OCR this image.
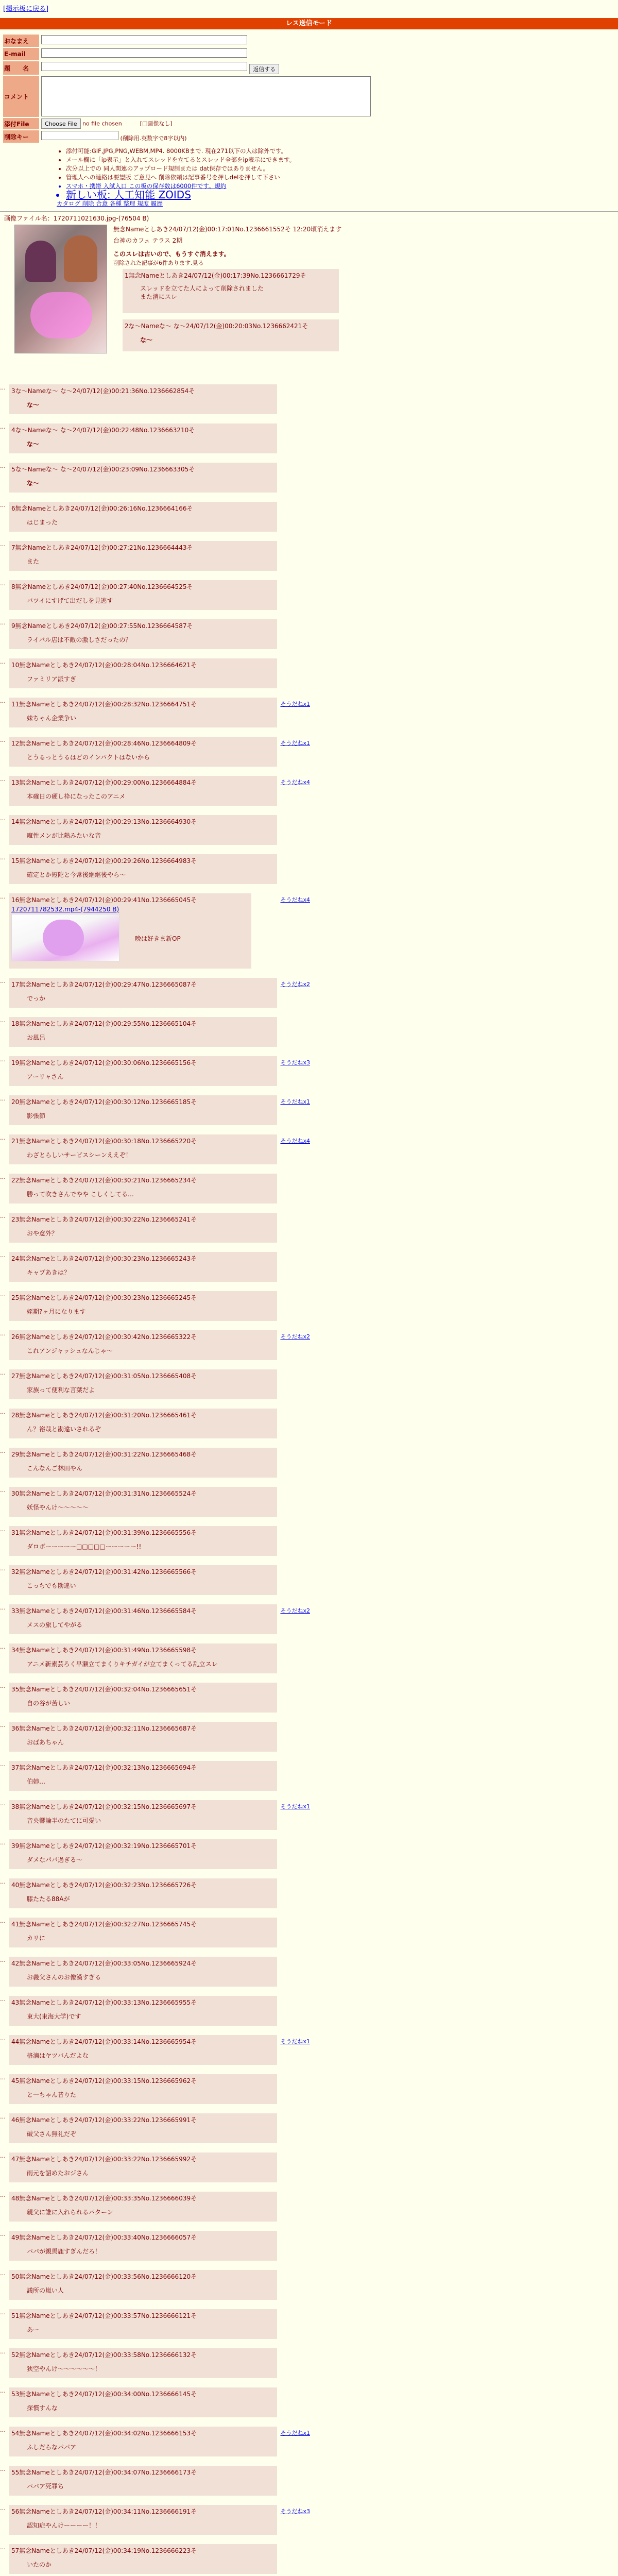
[掲示板に戻る]
レス送信モード
おなまえ	
E-mail	
題　　名	返信する
コメント	

添付File	Choose File no file chosen [□画像なし]
削除キー	(削除用.英数字で8字以内)
• 添付可能:GIF,JPG,PNG,WEBM,MP4. 8000KBまで. 現在271以下の人は除外です。
• メール欄に「ip表示」と入れてスレッドを立てるとスレッド全部をip表示にできます。
• 次分以上での 同人関連のアップロード規制または dat保存ではありません。
• 管理人への連絡は要望版 ご意見へ 削除依頼は記事番号を押しdelを押して下さい
• スマホ・携帯 入試入口 この板の保存数は6000件です。規約
• 新しい板: 人工知能 ZOIDS
カタログ 削除 合意 各種 整理 規度 履歴
画像ファイル名：1720711021630.jpg-(76504 B)
無念Nameとしあき24/07/12(金)00:17:01No.1236661552そ 12:20頃消えます
台神のカフェ テラス 2期
このスレは古いので、もうすぐ消えます。
削除された記事が6件あります.見る
1無念Nameとしあき24/07/12(金)00:17:39No.1236661729そ
スレッドを立てた人によって削除されました
また消にスレ
2な～Nameな～ な～24/07/12(金)00:20:03No.1236662421そ
な～
… 3な～Nameな～ な～24/07/12(金)00:21:36No.1236662854そ
な～
… 4な～Nameな～ な～24/07/12(金)00:22:48No.1236663210そ
な～
… 5な～Nameな～ な～24/07/12(金)00:23:09No.1236663305そ
な～
… 6無念Nameとしあき24/07/12(金)00:26:16No.1236664166そ
はじまった
… 7無念Nameとしあき24/07/12(金)00:27:21No.1236664443そ
また
… 8無念Nameとしあき24/07/12(金)00:27:40No.1236664525そ
バツイにすげて出だしを見逃す
… 9無念Nameとしあき24/07/12(金)00:27:55No.1236664587そ
ライバル店は不敵の激しさだったの？
… 10無念Nameとしあき24/07/12(金)00:28:04No.1236664621そ
ファミリア派すぎ
そうだねx1
… 11無念Nameとしあき24/07/12(金)00:28:32No.1236664751そ
妹ちゃん企業争い
そうだねx1
… 12無念Nameとしあき24/07/12(金)00:28:46No.1236664809そ
とうるっとうるはどのインパクトはないから
そうだねx4
… 13無念Nameとしあき24/07/12(金)00:29:00No.1236664884そ
本確日の硬し枠になったこのアニメ
… 14無念Nameとしあき24/07/12(金)00:29:13No.1236664930そ
魔性メンが比熱みたいな音
… 15無念Nameとしあき24/07/12(金)00:29:26No.1236664983そ
確定とか短陀と今常後継継後やら～
そうだねx4
… 16無念Nameとしあき24/07/12(金)00:29:41No.1236665045そ
1720711782532.mp4-(7944250 B)
晩は好きま新OP
そうだねx2
… 17無念Nameとしあき24/07/12(金)00:29:47No.1236665087そ
でっか
… 18無念Nameとしあき24/07/12(金)00:29:55No.1236665104そ
お風呂
そうだねx3
… 19無念Nameとしあき24/07/12(金)00:30:06No.1236665156そ
アーリャさん
そうだねx1
… 20無念Nameとしあき24/07/12(金)00:30:12No.1236665185そ
影張節
そうだねx4
… 21無念Nameとしあき24/07/12(金)00:30:18No.1236665220そ
わざとらしいサービスシーンええぞ！
… 22無念Nameとしあき24/07/12(金)00:30:21No.1236665234そ
勝って吹きさんでやや こしくしてる…
… 23無念Nameとしあき24/07/12(金)00:30:22No.1236665241そ
おや意外？
… 24無念Nameとしあき24/07/12(金)00:30:23No.1236665243そ
キャプあきは？
… 25無念Nameとしあき24/07/12(金)00:30:23No.1236665245そ
姪期?ヶ月になります
そうだねx2
… 26無念Nameとしあき24/07/12(金)00:30:42No.1236665322そ
これアンジャッシュなんじゃ～
… 27無念Nameとしあき24/07/12(金)00:31:05No.1236665408そ
家族って便利な言葉だよ
… 28無念Nameとしあき24/07/12(金)00:31:20No.1236665461そ
ん？裕哉と勘違いされるぞ
… 29無念Nameとしあき24/07/12(金)00:31:22No.1236665468そ
こんなんご林田やん
… 30無念Nameとしあき24/07/12(金)00:31:31No.1236665524そ
妖怪やんけ～～～～～
… 31無念Nameとしあき24/07/12(金)00:31:39No.1236665556そ
ダロボーーーーー□□□□□ーーーーー!!
… 32無念Nameとしあき24/07/12(金)00:31:42No.1236665566そ
こっちでも勘違い
そうだねx2
… 33無念Nameとしあき24/07/12(金)00:31:46No.1236665584そ
メスの旅してやがる
… 34無念Nameとしあき24/07/12(金)00:31:49No.1236665598そ
アニメ新素芸ろく早瀬立てまくりキチガイが立てまくってる乱立スレ
… 35無念Nameとしあき24/07/12(金)00:32:04No.1236665651そ
自の谷が苦しい
… 36無念Nameとしあき24/07/12(金)00:32:11No.1236665687そ
おばあちゃん
… 37無念Nameとしあき24/07/12(金)00:32:13No.1236665694そ
伯姉…
そうだねx1
… 38無念Nameとしあき24/07/12(金)00:32:15No.1236665697そ
音央響論半のたてに可愛い
… 39無念Nameとしあき24/07/12(金)00:32:19No.1236665701そ
ダメなパパ過ぎる～
… 40無念Nameとしあき24/07/12(金)00:32:23No.1236665726そ
膝たたる88Aが
… 41無念Nameとしあき24/07/12(金)00:32:27No.1236665745そ
カリに
… 42無念Nameとしあき24/07/12(金)00:33:05No.1236665924そ
お義父さんのお像漢すぎる
… 43無念Nameとしあき24/07/12(金)00:33:13No.1236665955そ
東大(東海大学)です
そうだねx1
… 44無念Nameとしあき24/07/12(金)00:33:14No.1236665954そ
格滴はヤツバんだよな
… 45無念Nameとしあき24/07/12(金)00:33:15No.1236665962そ
と一ちゃん昔りた
… 46無念Nameとしあき24/07/12(金)00:33:22No.1236665991そ
破父さん無礼だぞ
… 47無念Nameとしあき24/07/12(金)00:33:22No.1236665992そ
雨元を詔めたおジさん
… 48無念Nameとしあき24/07/12(金)00:33:35No.1236666039そ
親父に誰に入れられるパターン
… 49無念Nameとしあき24/07/12(金)00:33:40No.1236666057そ
パパが親馬鹿すぎんだろ！
… 50無念Nameとしあき24/07/12(金)00:33:56No.1236666120そ
議所の嵐い人
… 51無念Nameとしあき24/07/12(金)00:33:57No.1236666121そ
あー
… 52無念Nameとしあき24/07/12(金)00:33:58No.1236666132そ
狭空やんけ～～～～～～！
… 53無念Nameとしあき24/07/12(金)00:34:00No.1236666145そ
探慣すんな
そうだねx1
… 54無念Nameとしあき24/07/12(金)00:34:02No.1236666153そ
ふしだらなパパア
… 55無念Nameとしあき24/07/12(金)00:34:07No.1236666173そ
パパア死罪ち
そうだねx3
… 56無念Nameとしあき24/07/12(金)00:34:11No.1236666191そ
認知症やんけーーーー！！
… 57無念Nameとしあき24/07/12(金)00:34:19No.1236666223そ
いたのか
